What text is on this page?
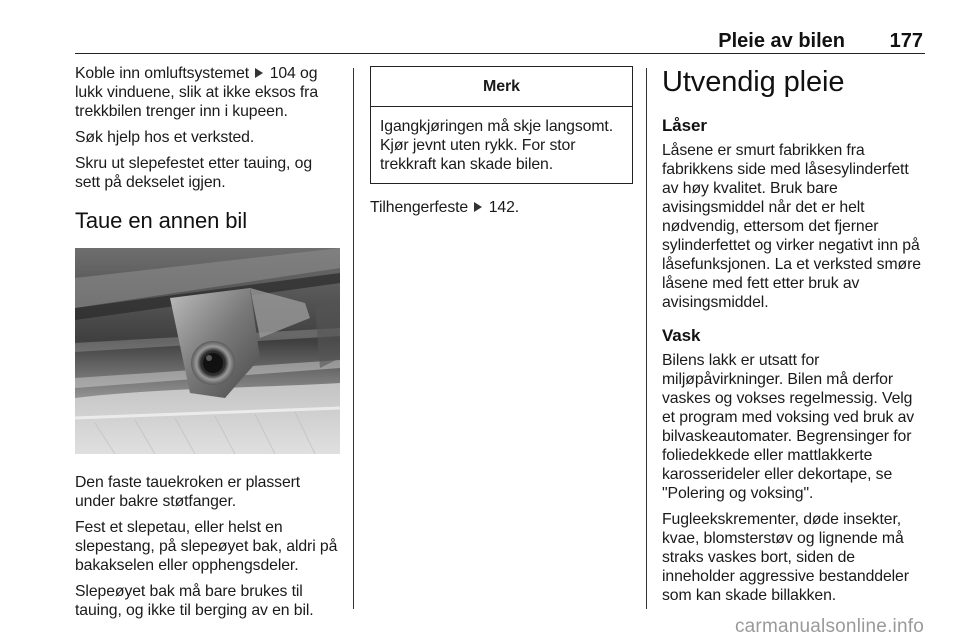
Pleie av bilen 177

Koble inn omluftsystemet 104 og lukk vinduene, slik at ikke eksos fra trekkbilen trenger inn i kupeen.

Søk hjelp hos et verksted.

Skru ut slepefestet etter tauing, og sett på dekselet igjen.

Taue en annen bil

Den faste tauekroken er plassert under bakre støtfanger.

Fest et slepetau, eller helst en slepestang, på slepeøyet bak, aldri på bakakselen eller opphengsdeler.

Slepeøyet bak må bare brukes til tauing, og ikke til berging av en bil.

Merk
Igangkjøringen må skje langsomt. Kjør jevnt uten rykk. For stor trekkraft kan skade bilen.

Tilhengerfeste 142.

Utvendig pleie
Låser

Låsene er smurt fabrikken fra fabrikkens side med låsesylinderfett av høy kvalitet. Bruk bare avisingsmiddel når det er helt nødvendig, ettersom det fjerner sylinderfettet og virker negativt inn på låsefunksjonen. La et verksted smøre låsene med fett etter bruk av avisingsmiddel.

Vask

Bilens lakk er utsatt for miljøpåvirkninger. Bilen må derfor vaskes og vokses regelmessig. Velg et program med voksing ved bruk av bilvaskeautomater. Begrensinger for foliedekkede eller mattlakkerte karosserideler eller dekortape, se "Polering og voksing".

Fugleekskrementer, døde insekter, kvae, blomsterstøv og lignende må straks vaskes bort, siden de inneholder aggressive bestanddeler som kan skade billakken.

carmanualsonline.info
